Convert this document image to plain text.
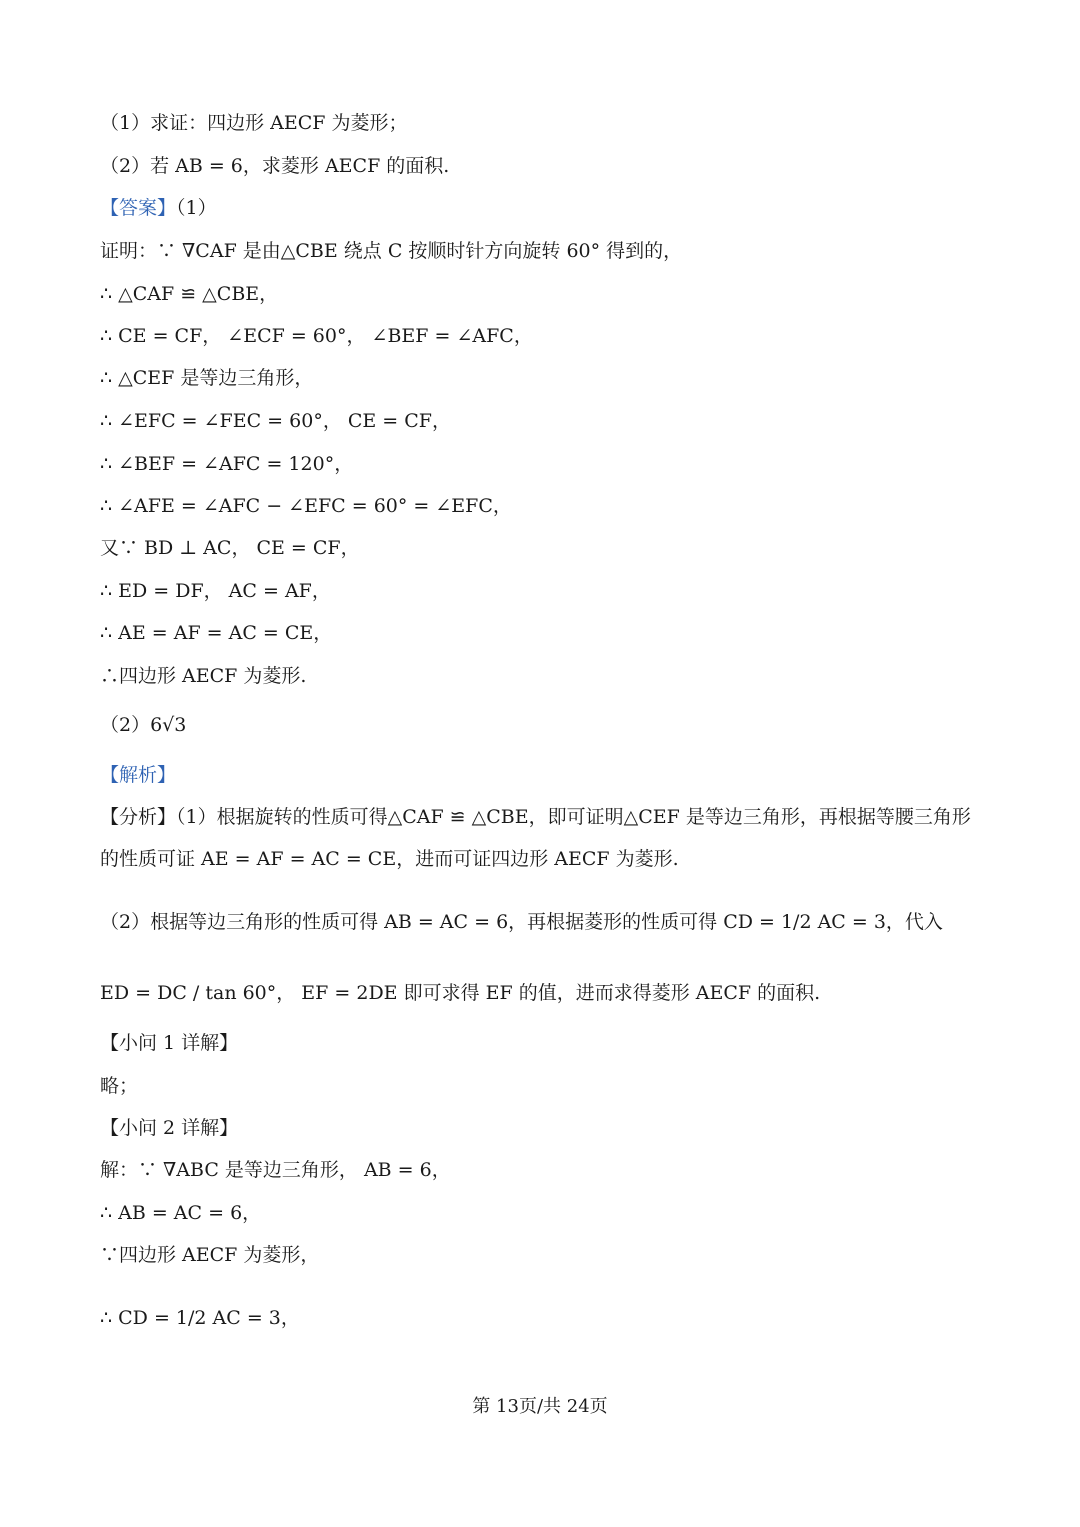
（1）求证：四边形 AECF 为菱形；
（2）若 AB = 6，求菱形 AECF 的面积.
【答案】（1）
证明：∵ ∇CAF 是由△CBE 绕点 C 按顺时针方向旋转 60° 得到的，
∴ △CAF ≌ △CBE，
∴ CE = CF， ∠ECF = 60°， ∠BEF = ∠AFC，
∴ △CEF 是等边三角形，
∴ ∠EFC = ∠FEC = 60°， CE = CF，
∴ ∠BEF = ∠AFC = 120°，
∴ ∠AFE = ∠AFC − ∠EFC = 60° = ∠EFC，
又∵ BD ⊥ AC， CE = CF，
∴ ED = DF， AC = AF，
∴ AE = AF = AC = CE，
∴四边形 AECF 为菱形.
（2）6√3
【解析】
【分析】（1）根据旋转的性质可得△CAF ≌ △CBE，即可证明△CEF 是等边三角形，再根据等腰三角形
的性质可证 AE = AF = AC = CE，进而可证四边形 AECF 为菱形.
（2）根据等边三角形的性质可得 AB = AC = 6，再根据菱形的性质可得 CD = 1/2 AC = 3，代入
ED = DC / tan 60°， EF = 2DE 即可求得 EF 的值，进而求得菱形 AECF 的面积.
【小问 1 详解】
略；
【小问 2 详解】
解：∵ ∇ABC 是等边三角形， AB = 6，
∴ AB = AC = 6，
∵四边形 AECF 为菱形，
∴ CD = 1/2 AC = 3，
第 13页/共 24页
